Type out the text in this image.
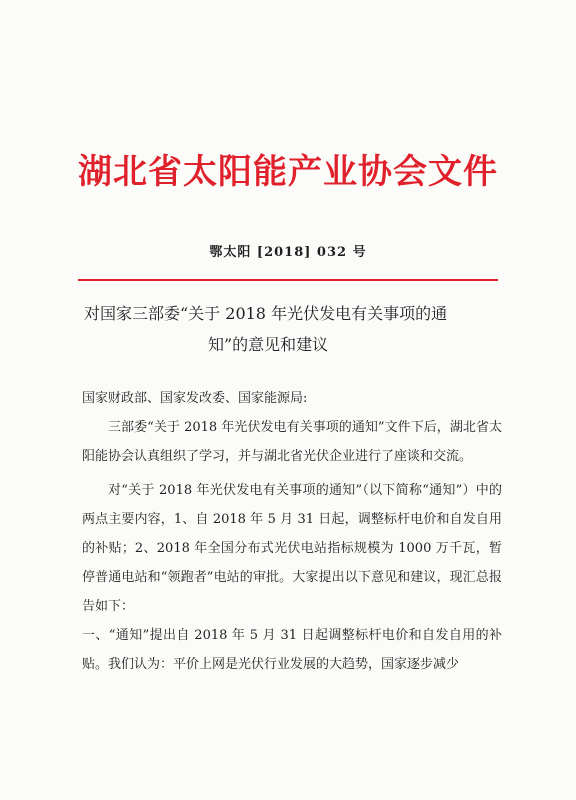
湖北省太阳能产业协会文件
鄂太阳 [2018] 032 号
对国家三部委“关于 2018 年光伏发电有关事项的通
知”的意见和建议

国家财政部、国家发改委、国家能源局:

三部委“关于 2018 年光伏发电有关事项的通知”文件下后，湖北省太阳能协会认真组织了学习，并与湖北省光伏企业进行了座谈和交流。

对“关于 2018 年光伏发电有关事项的通知”（以下简称“通知”）中的两点主要内容，1、自 2018 年 5 月 31 日起，调整标杆电价和自发自用的补贴；2、2018 年全国分布式光伏电站指标规模为 1000 万千瓦，暂停普通电站和“领跑者”电站的审批。大家提出以下意见和建议，现汇总报告如下：

一、“通知”提出自 2018 年 5 月 31 日起调整标杆电价和自发自用的补贴。我们认为：平价上网是光伏行业发展的大趋势，国家逐步减少
